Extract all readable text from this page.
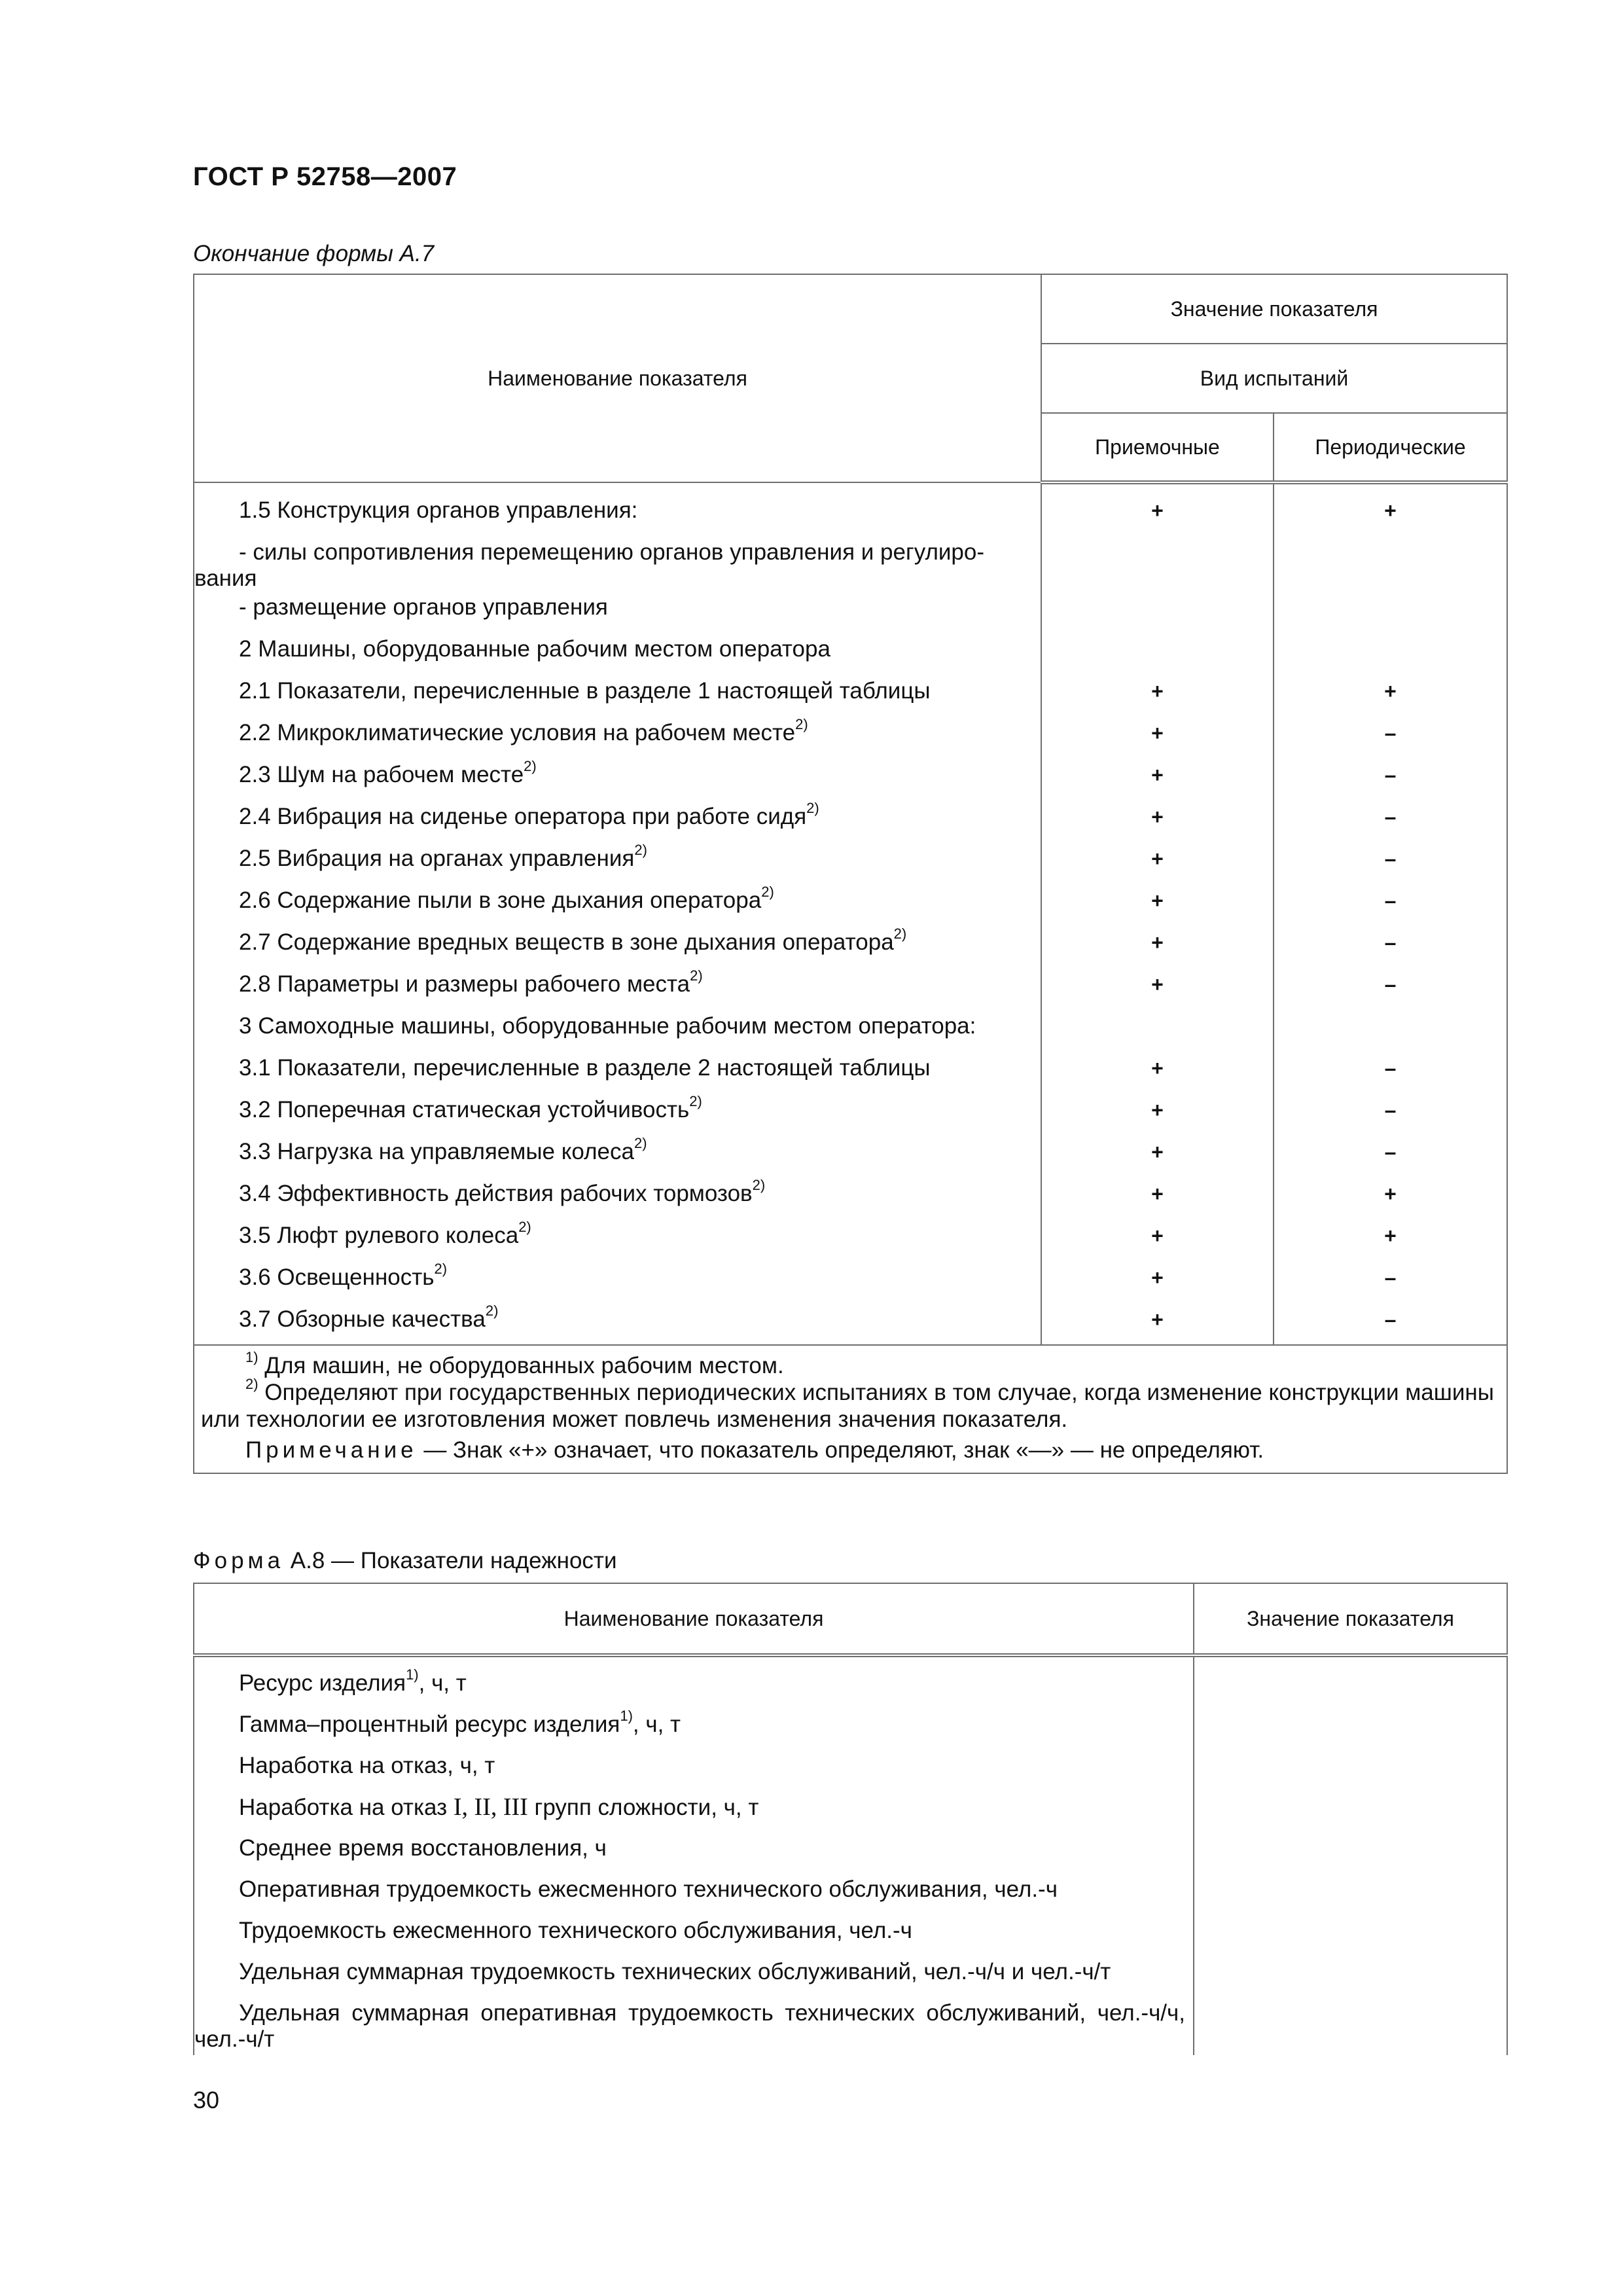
ГОСТ Р 52758—2007
Окончание формы А.7
Наименование показателя	Значение показателя	
	Вид испытаний	
	Приемочные	Периодические

1.5 Конструкция органов управления:	+	+
- силы сопротивления перемещению органов управления и регулиро-вания		
- размещение органов управления		
2 Машины, оборудованные рабочим местом оператора		
2.1 Показатели, перечисленные в разделе 1 настоящей таблицы	+	+
2.2 Микроклиматические условия на рабочем месте$^{2)}$	+	–
2.3 Шум на рабочем месте$^{2)}$	+	–
2.4 Вибрация на сиденье оператора при работе сидя$^{2)}$	+	–
2.5 Вибрация на органах управления$^{2)}$	+	–
2.6 Содержание пыли в зоне дыхания оператора$^{2)}$	+	–
2.7 Содержание вредных веществ в зоне дыхания оператора$^{2)}$	+	–
2.8 Параметры и размеры рабочего места$^{2)}$	+	–
3 Самоходные машины, оборудованные рабочим местом оператора:		
3.1 Показатели, перечисленные в разделе 2 настоящей таблицы	+	–
3.2 Поперечная статическая устойчивость$^{2)}$	+	–
3.3 Нагрузка на управляемые колеса$^{2)}$	+	–
3.4 Эффективность действия рабочих тормозов$^{2)}$	+	+
3.5 Люфт рулевого колеса$^{2)}$	+	+
3.6 Освещенность$^{2)}$	+	–
3.7 Обзорные качества$^{2)}$	+	–

$^{1)}$ Для машин, не оборудованных рабочим местом.
$^{2)}$ Определяют при государственных периодических испытаниях в том случае, когда изменение конструкции машины или технологии ее изготовления может повлечь изменения значения показателя.
Примечание — Знак «+» означает, что показатель определяют, знак «—» — не определяют.		
Форма А.8 — Показатели надежности
Наименование показателя	Значение показателя

Ресурс изделия$^{1)}$, ч, т	
Гамма–процентный ресурс изделия$^{1)}$, ч, т	
Наработка на отказ, ч, т	
Наработка на отказ I, II, III групп сложности, ч, т	
Среднее время восстановления, ч	
Оперативная трудоемкость ежесменного технического обслуживания, чел.-ч	
Трудоемкость ежесменного технического обслуживания, чел.-ч	
Удельная суммарная трудоемкость технических обслуживаний, чел.-ч/ч и чел.-ч/т	
Удельная суммарная оперативная трудоемкость технических обслуживаний, чел.-ч/ч, чел.-ч/т	
30
